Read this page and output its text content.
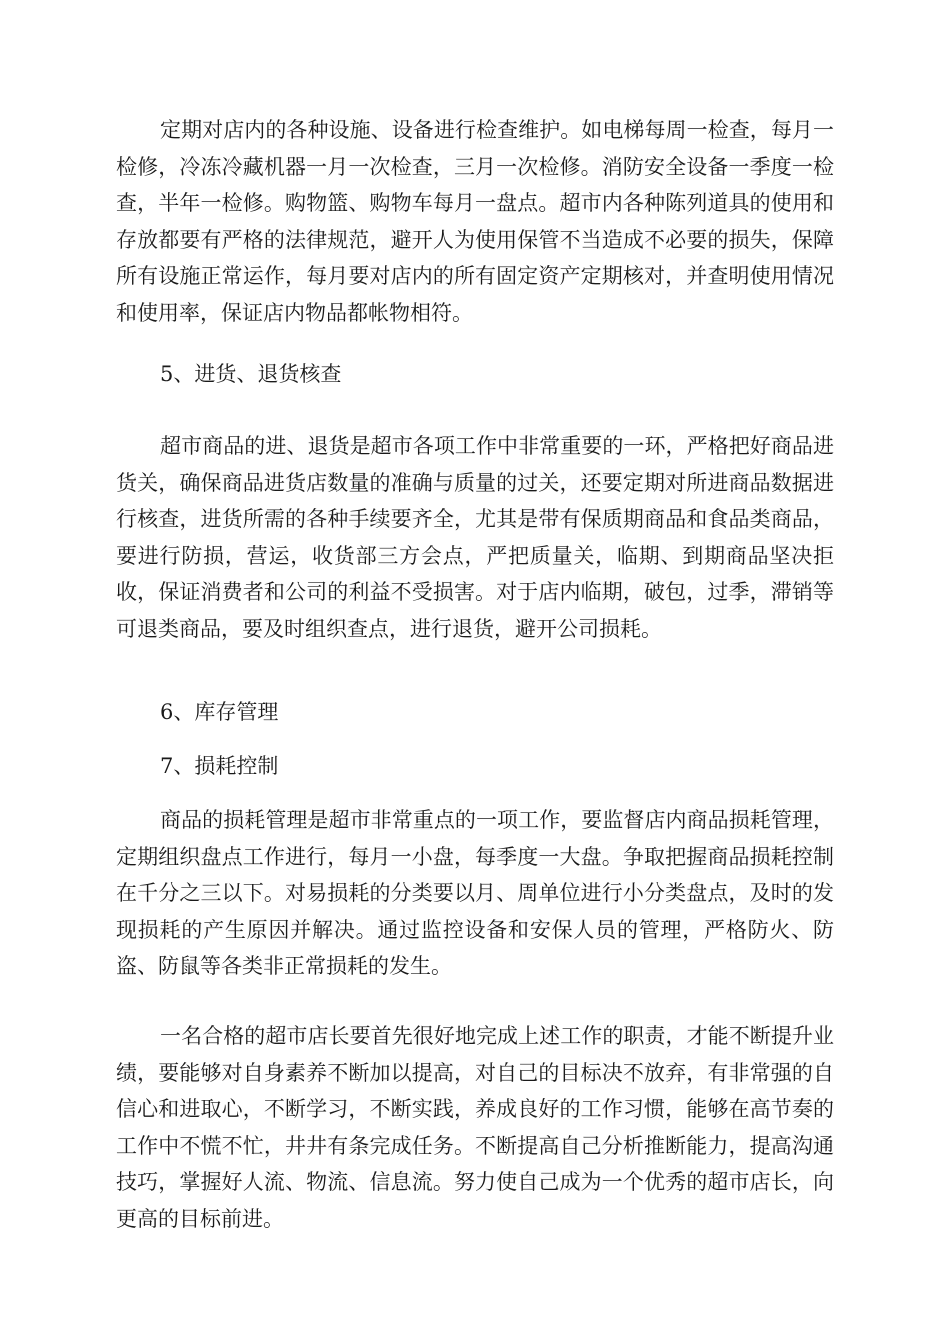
定期对店内的各种设施、设备进行检查维护。如电梯每周一检查，每月一检修，冷冻冷藏机器一月一次检查，三月一次检修。消防安全设备一季度一检查，半年一检修。购物篮、购物车每月一盘点。超市内各种陈列道具的使用和存放都要有严格的法律规范，避开人为使用保管不当造成不必要的损失，保障所有设施正常运作，每月要对店内的所有固定资产定期核对，并查明使用情况和使用率，保证店内物品都帐物相符。

5、进货、退货核查

超市商品的进、退货是超市各项工作中非常重要的一环，严格把好商品进货关，确保商品进货店数量的准确与质量的过关，还要定期对所进商品数据进行核查，进货所需的各种手续要齐全，尤其是带有保质期商品和食品类商品，要进行防损，营运，收货部三方会点，严把质量关，临期、到期商品坚决拒收，保证消费者和公司的利益不受损害。对于店内临期，破包，过季，滞销等可退类商品，要及时组织查点，进行退货，避开公司损耗。

6、库存管理

7、损耗控制

商品的损耗管理是超市非常重点的一项工作，要监督店内商品损耗管理，定期组织盘点工作进行，每月一小盘，每季度一大盘。争取把握商品损耗控制在千分之三以下。对易损耗的分类要以月、周单位进行小分类盘点，及时的发现损耗的产生原因并解决。通过监控设备和安保人员的管理，严格防火、防盗、防鼠等各类非正常损耗的发生。

一名合格的超市店长要首先很好地完成上述工作的职责，才能不断提升业绩，要能够对自身素养不断加以提高，对自己的目标决不放弃，有非常强的自信心和进取心，不断学习，不断实践，养成良好的工作习惯，能够在高节奏的工作中不慌不忙，井井有条完成任务。不断提高自己分析推断能力，提高沟通技巧，掌握好人流、物流、信息流。努力使自己成为一个优秀的超市店长，向更高的目标前进。
